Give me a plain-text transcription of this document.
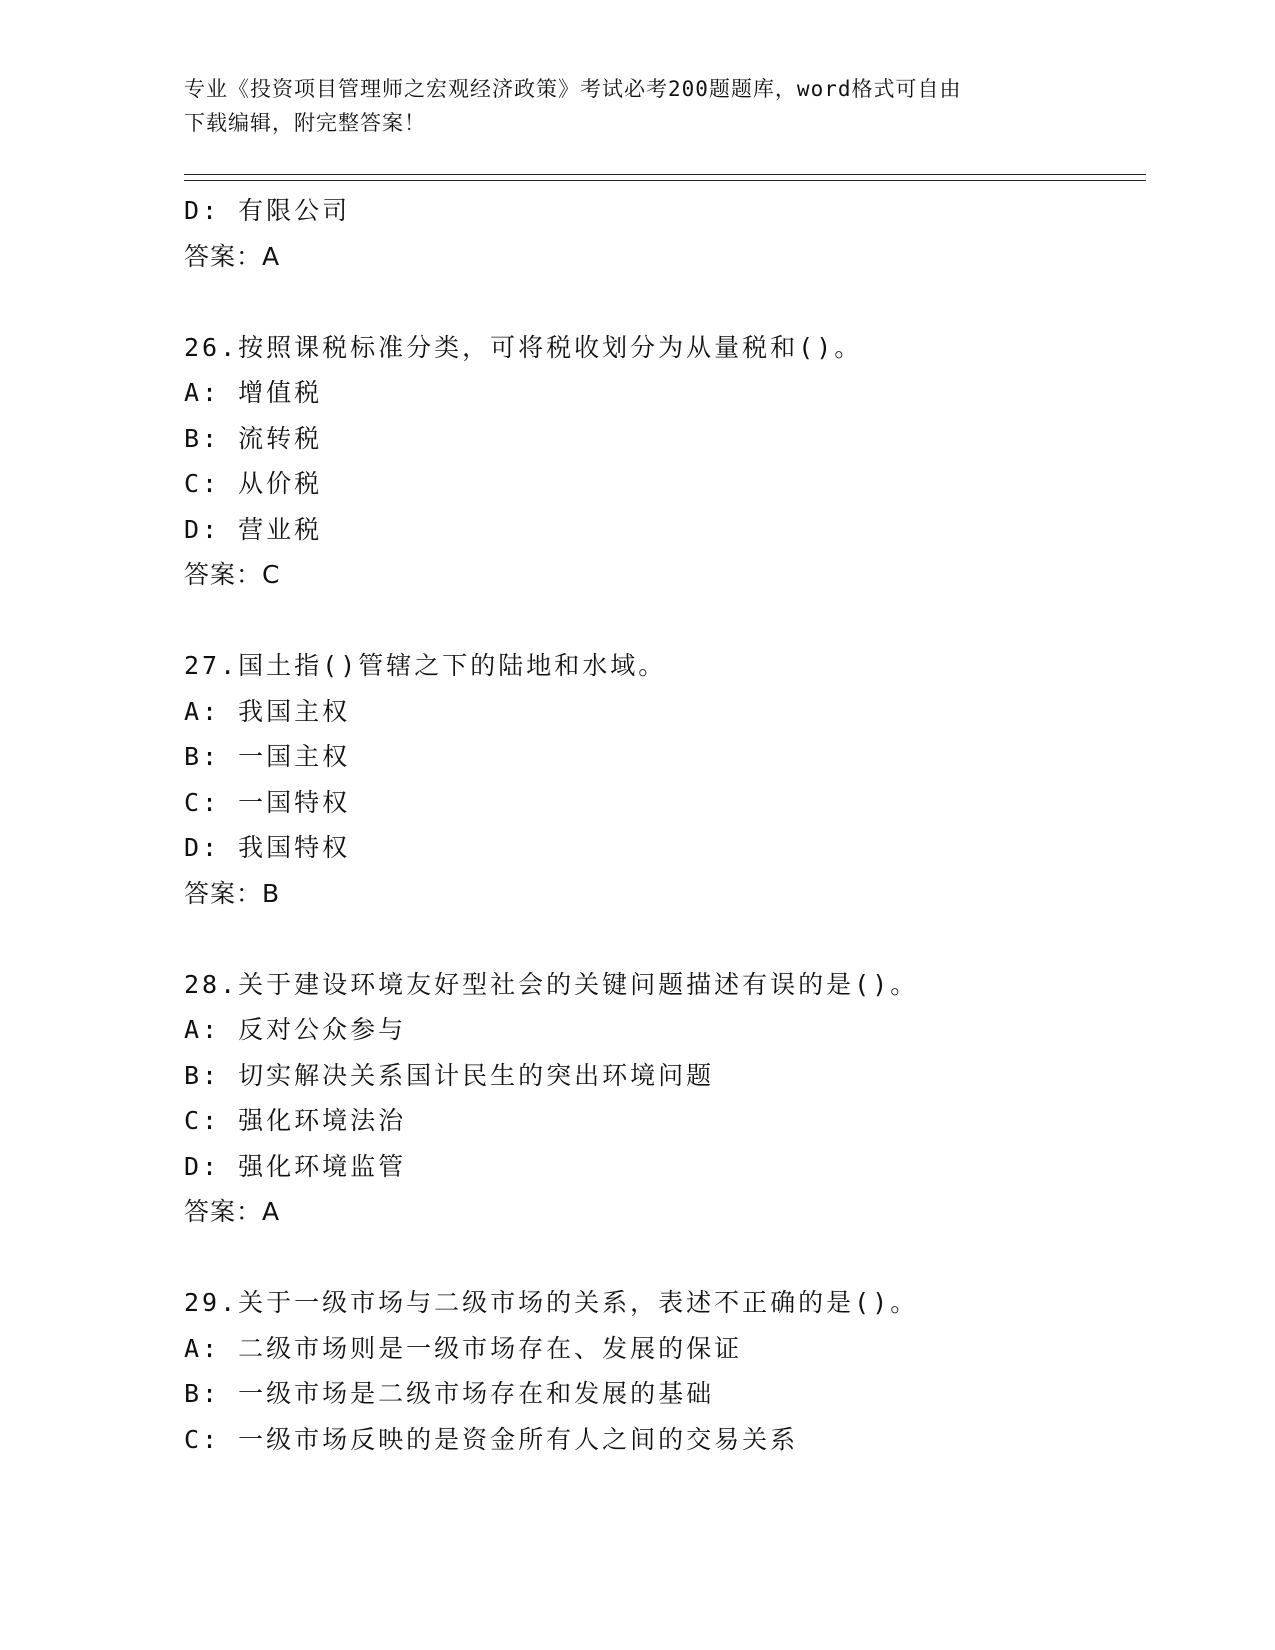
专业《投资项目管理师之宏观经济政策》考试必考200题题库，word格式可自由
下载编辑，附完整答案！
D: 有限公司
答案：A
26.按照课税标准分类，可将税收划分为从量税和()。
A: 增值税
B: 流转税
C: 从价税
D: 营业税
答案：C
27.国土指()管辖之下的陆地和水域。
A: 我国主权
B: 一国主权
C: 一国特权
D: 我国特权
答案：B
28.关于建设环境友好型社会的关键问题描述有误的是()。
A: 反对公众参与
B: 切实解决关系国计民生的突出环境问题
C: 强化环境法治
D: 强化环境监管
答案：A
29.关于一级市场与二级市场的关系，表述不正确的是()。
A: 二级市场则是一级市场存在、发展的保证
B: 一级市场是二级市场存在和发展的基础
C: 一级市场反映的是资金所有人之间的交易关系
